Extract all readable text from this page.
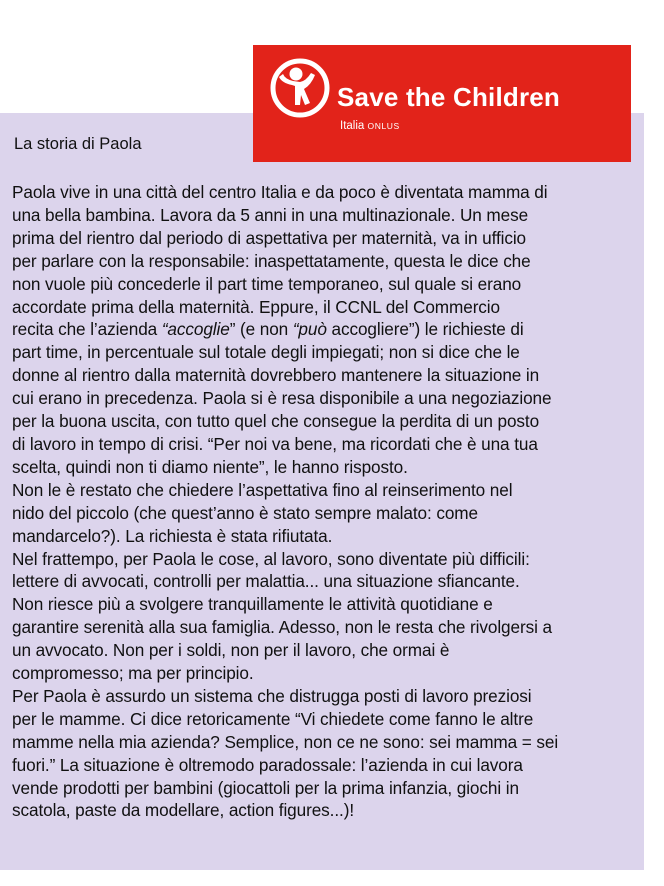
Save the Children
Italia ONLUS
La storia di Paola
Paola vive in una città del centro Italia e da poco è diventata mamma di
una bella bambina. Lavora da 5 anni in una multinazionale. Un mese
prima del rientro dal periodo di aspettativa per maternità, va in ufficio
per parlare con la responsabile: inaspettatamente, questa le dice che
non vuole più concederle il part time temporaneo, sul quale si erano
accordate prima della maternità. Eppure, il CCNL del Commercio
recita che l’azienda “accoglie” (e non “può accogliere”) le richieste di
part time, in percentuale sul totale degli impiegati; non si dice che le
donne al rientro dalla maternità dovrebbero mantenere la situazione in
cui erano in precedenza. Paola si è resa disponibile a una negoziazione
per la buona uscita, con tutto quel che consegue la perdita di un posto
di lavoro in tempo di crisi. “Per noi va bene, ma ricordati che è una tua
scelta, quindi non ti diamo niente”, le hanno risposto.
Non le è restato che chiedere l’aspettativa fino al reinserimento nel
nido del piccolo (che quest’anno è stato sempre malato: come
mandarcelo?). La richiesta è stata rifiutata.
Nel frattempo, per Paola le cose, al lavoro, sono diventate più difficili:
lettere di avvocati, controlli per malattia... una situazione sfiancante.
Non riesce più a svolgere tranquillamente le attività quotidiane e
garantire serenità alla sua famiglia. Adesso, non le resta che rivolgersi a
un avvocato. Non per i soldi, non per il lavoro, che ormai è
compromesso; ma per principio.
Per Paola è assurdo un sistema che distrugga posti di lavoro preziosi
per le mamme. Ci dice retoricamente “Vi chiedete come fanno le altre
mamme nella mia azienda? Semplice, non ce ne sono: sei mamma = sei
fuori.” La situazione è oltremodo paradossale: l’azienda in cui lavora
vende prodotti per bambini (giocattoli per la prima infanzia, giochi in
scatola, paste da modellare, action figures...)!
